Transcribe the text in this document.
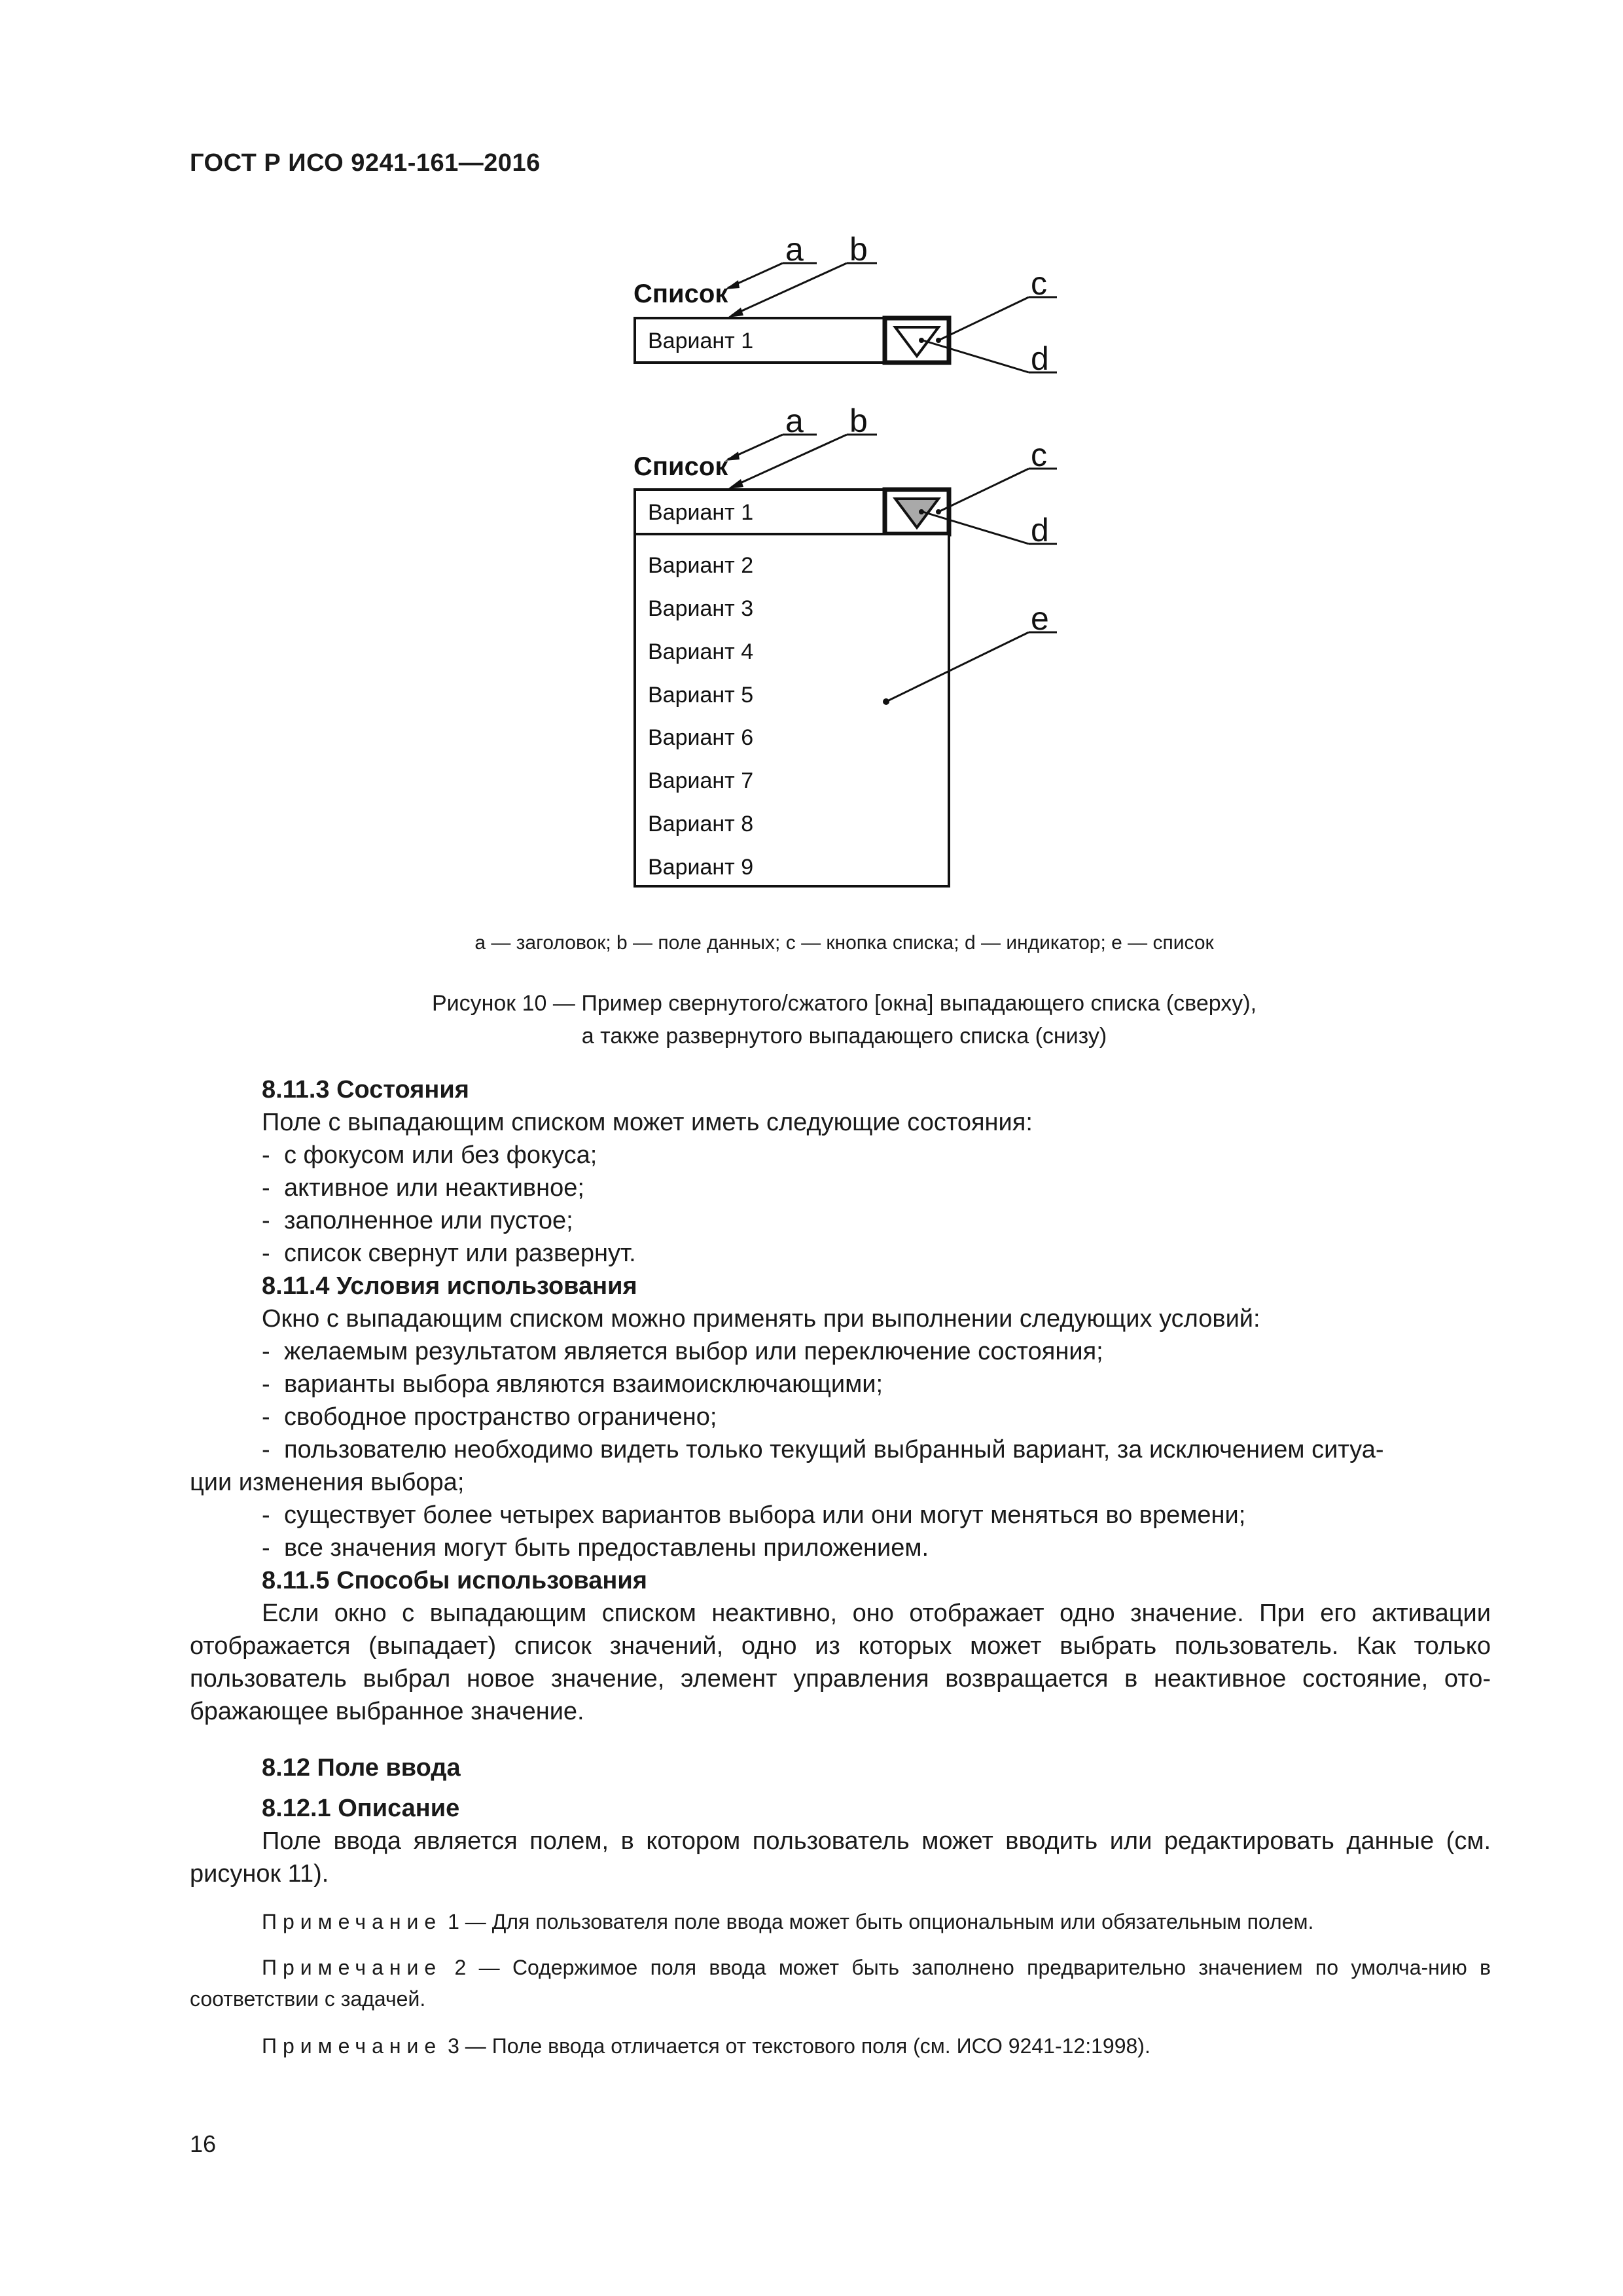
ГОСТ Р ИСО 9241-161—2016
a b
c
d
Список
Вариант 1
a b
c
d
e
Список
Вариант 1
Вариант 2
Вариант 3
Вариант 4
Вариант 5
Вариант 6
Вариант 7
Вариант 8
Вариант 9
a — заголовок; b — поле данных; c — кнопка списка; d — индикатор; e — список
Рисунок 10 — Пример свернутого/сжатого [окна] выпадающего списка (сверху),
а также развернутого выпадающего списка (снизу)

8.11.3 Состояния

Поле с выпадающим списком может иметь следующие состояния:

- с фокусом или без фокуса;
- активное или неактивное;
- заполненное или пустое;
- список свернут или развернут.

8.11.4 Условия использования

Окно с выпадающим списком можно применять при выполнении следующих условий:

- желаемым результатом является выбор или переключение состояния;
- варианты выбора являются взаимоисключающими;
- свободное пространство ограничено;
- пользователю необходимо видеть только текущий выбранный вариант, за исключением ситуа-
ции изменения выбора;
- существует более четырех вариантов выбора или они могут меняться во времени;
- все значения могут быть предоставлены приложением.

8.11.5 Способы использования

Если окно с выпадающим списком неактивно, оно отображает одно значение. При его активации отображается (выпадает) список значений, одно из которых может выбрать пользователь. Как только пользователь выбрал новое значение, элемент управления возвращается в неактивное состояние, ото-бражающее выбранное значение.

8.12 Поле ввода

8.12.1 Описание

Поле ввода является полем, в котором пользователь может вводить или редактировать данные (см. рисунок 11).

Примечание 1 — Для пользователя поле ввода может быть опциональным или обязательным полем.

Примечание 2 — Содержимое поля ввода может быть заполнено предварительно значением по умолча-нию в соответствии с задачей.

Примечание 3 — Поле ввода отличается от текстового поля (см. ИСО 9241-12:1998).

16
